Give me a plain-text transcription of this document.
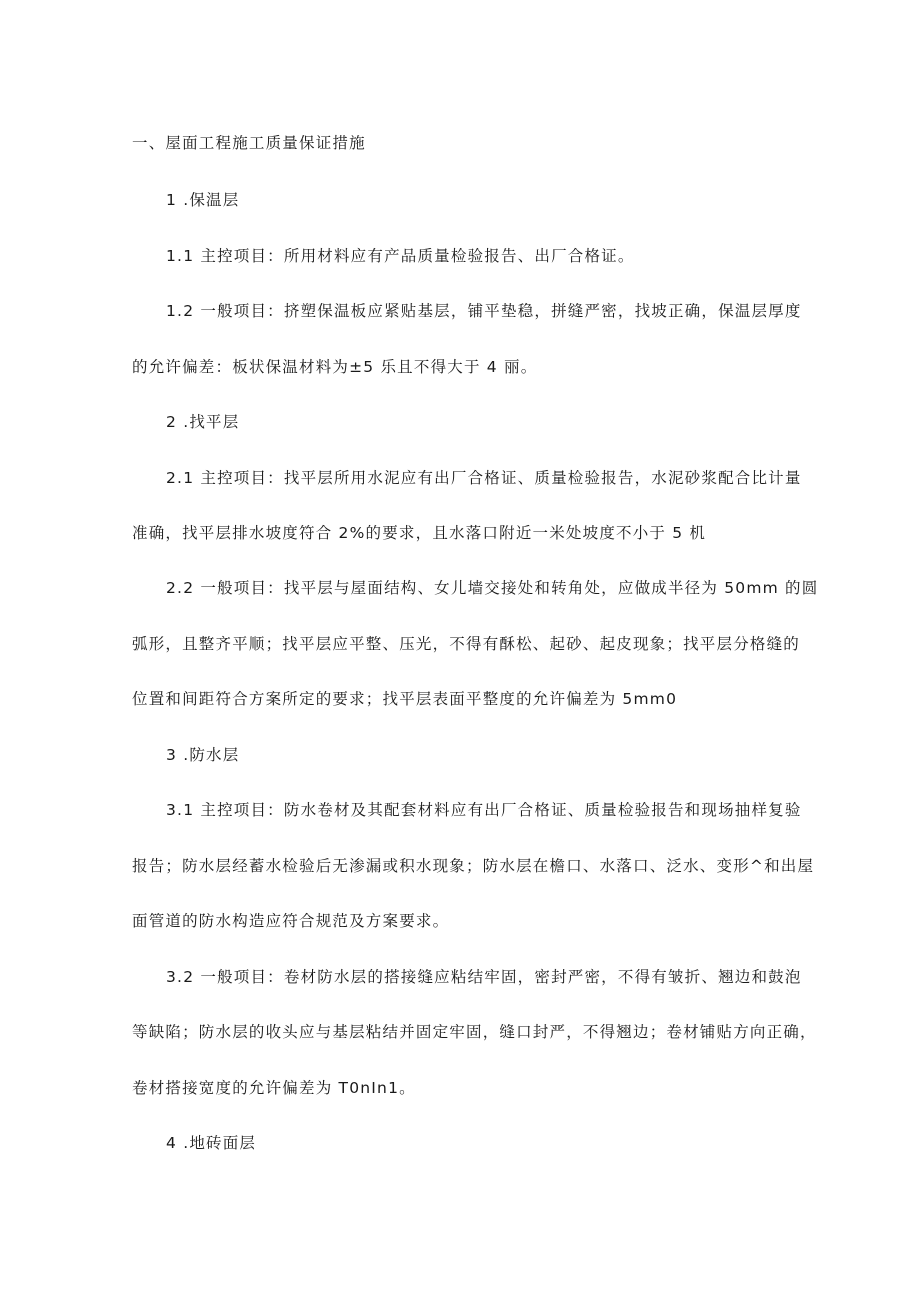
一、屋面工程施工质量保证措施
1 .保温层
1.1 主控项目：所用材料应有产品质量检验报告、出厂合格证。
1.2 一般项目：挤塑保温板应紧贴基层，铺平垫稳，拼缝严密，找坡正确，保温层厚度
的允许偏差：板状保温材料为±5 乐且不得大于 4 丽。
2 .找平层
2.1 主控项目：找平层所用水泥应有出厂合格证、质量检验报告，水泥砂浆配合比计量
准确，找平层排水坡度符合 2%的要求，且水落口附近一米处坡度不小于 5 机
2.2 一般项目：找平层与屋面结构、女儿墙交接处和转角处，应做成半径为 50mm 的圆
弧形，且整齐平顺；找平层应平整、压光，不得有酥松、起砂、起皮现象；找平层分格缝的
位置和间距符合方案所定的要求；找平层表面平整度的允许偏差为 5mm0
3 .防水层
3.1 主控项目：防水卷材及其配套材料应有出厂合格证、质量检验报告和现场抽样复验
报告；防水层经蓄水检验后无渗漏或积水现象；防水层在檐口、水落口、泛水、变形^和出屋
面管道的防水构造应符合规范及方案要求。
3.2 一般项目：卷材防水层的搭接缝应粘结牢固，密封严密，不得有皱折、翘边和鼓泡
等缺陷；防水层的收头应与基层粘结并固定牢固，缝口封严，不得翘边；卷材铺贴方向正确，
卷材搭接宽度的允许偏差为 T0nIn1。
4 .地砖面层
